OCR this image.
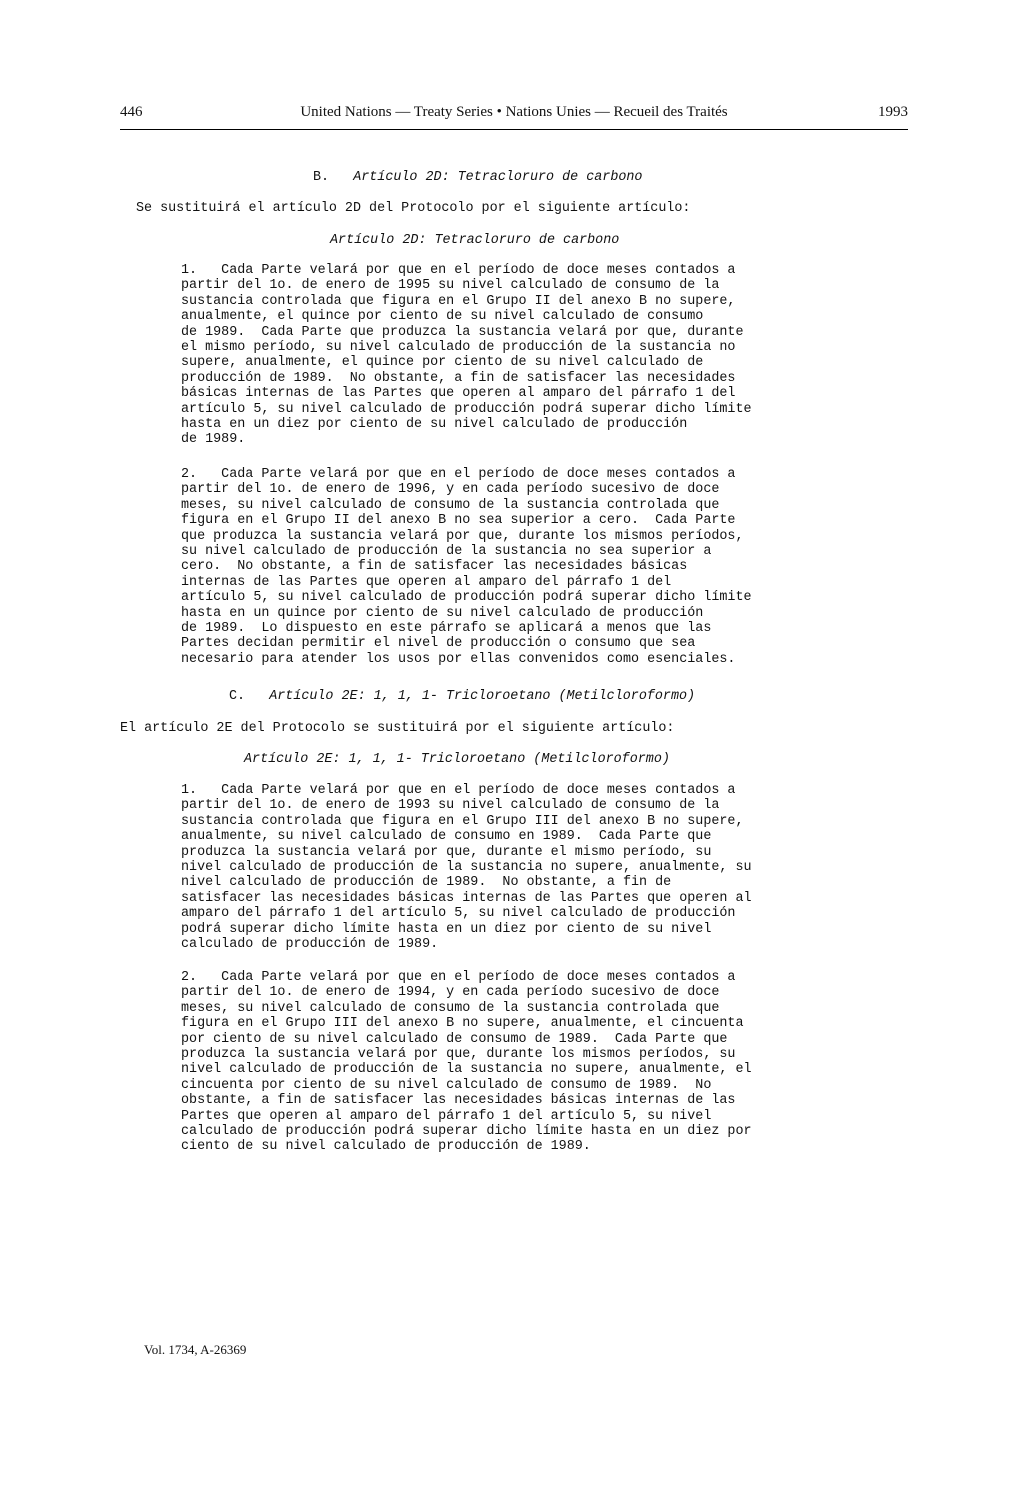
446	United Nations — Treaty Series • Nations Unies — Recueil des Traités	1993
B. Artículo 2D: Tetracloruro de carbono
Se sustituirá el artículo 2D del Protocolo por el siguiente artículo:
Artículo 2D: Tetracloruro de carbono
1.   Cada Parte velará por que en el período de doce meses contados a
partir del 1o. de enero de 1995 su nivel calculado de consumo de la
sustancia controlada que figura en el Grupo II del anexo B no supere,
anualmente, el quince por ciento de su nivel calculado de consumo
de 1989.  Cada Parte que produzca la sustancia velará por que, durante
el mismo período, su nivel calculado de producción de la sustancia no
supere, anualmente, el quince por ciento de su nivel calculado de
producción de 1989.  No obstante, a fin de satisfacer las necesidades
básicas internas de las Partes que operen al amparo del párrafo 1 del
artículo 5, su nivel calculado de producción podrá superar dicho límite
hasta en un diez por ciento de su nivel calculado de producción
de 1989.
2.   Cada Parte velará por que en el período de doce meses contados a
partir del 1o. de enero de 1996, y en cada período sucesivo de doce
meses, su nivel calculado de consumo de la sustancia controlada que
figura en el Grupo II del anexo B no sea superior a cero.  Cada Parte
que produzca la sustancia velará por que, durante los mismos períodos,
su nivel calculado de producción de la sustancia no sea superior a
cero.  No obstante, a fin de satisfacer las necesidades básicas
internas de las Partes que operen al amparo del párrafo 1 del
artículo 5, su nivel calculado de producción podrá superar dicho límite
hasta en un quince por ciento de su nivel calculado de producción
de 1989.  Lo dispuesto en este párrafo se aplicará a menos que las
Partes decidan permitir el nivel de producción o consumo que sea
necesario para atender los usos por ellas convenidos como esenciales.
C. Artículo 2E: 1, 1, 1- Tricloroetano (Metilcloroformo)
El artículo 2E del Protocolo se sustituirá por el siguiente artículo:
Artículo 2E: 1, 1, 1- Tricloroetano (Metilcloroformo)
1.   Cada Parte velará por que en el período de doce meses contados a
partir del 1o. de enero de 1993 su nivel calculado de consumo de la
sustancia controlada que figura en el Grupo III del anexo B no supere,
anualmente, su nivel calculado de consumo en 1989.  Cada Parte que
produzca la sustancia velará por que, durante el mismo período, su
nivel calculado de producción de la sustancia no supere, anualmente, su
nivel calculado de producción de 1989.  No obstante, a fin de
satisfacer las necesidades básicas internas de las Partes que operen al
amparo del párrafo 1 del artículo 5, su nivel calculado de producción
podrá superar dicho límite hasta en un diez por ciento de su nivel
calculado de producción de 1989.
2.   Cada Parte velará por que en el período de doce meses contados a
partir del 1o. de enero de 1994, y en cada período sucesivo de doce
meses, su nivel calculado de consumo de la sustancia controlada que
figura en el Grupo III del anexo B no supere, anualmente, el cincuenta
por ciento de su nivel calculado de consumo de 1989.  Cada Parte que
produzca la sustancia velará por que, durante los mismos períodos, su
nivel calculado de producción de la sustancia no supere, anualmente, el
cincuenta por ciento de su nivel calculado de consumo de 1989.  No
obstante, a fin de satisfacer las necesidades básicas internas de las
Partes que operen al amparo del párrafo 1 del artículo 5, su nivel
calculado de producción podrá superar dicho límite hasta en un diez por
ciento de su nivel calculado de producción de 1989.
Vol. 1734, A-26369
